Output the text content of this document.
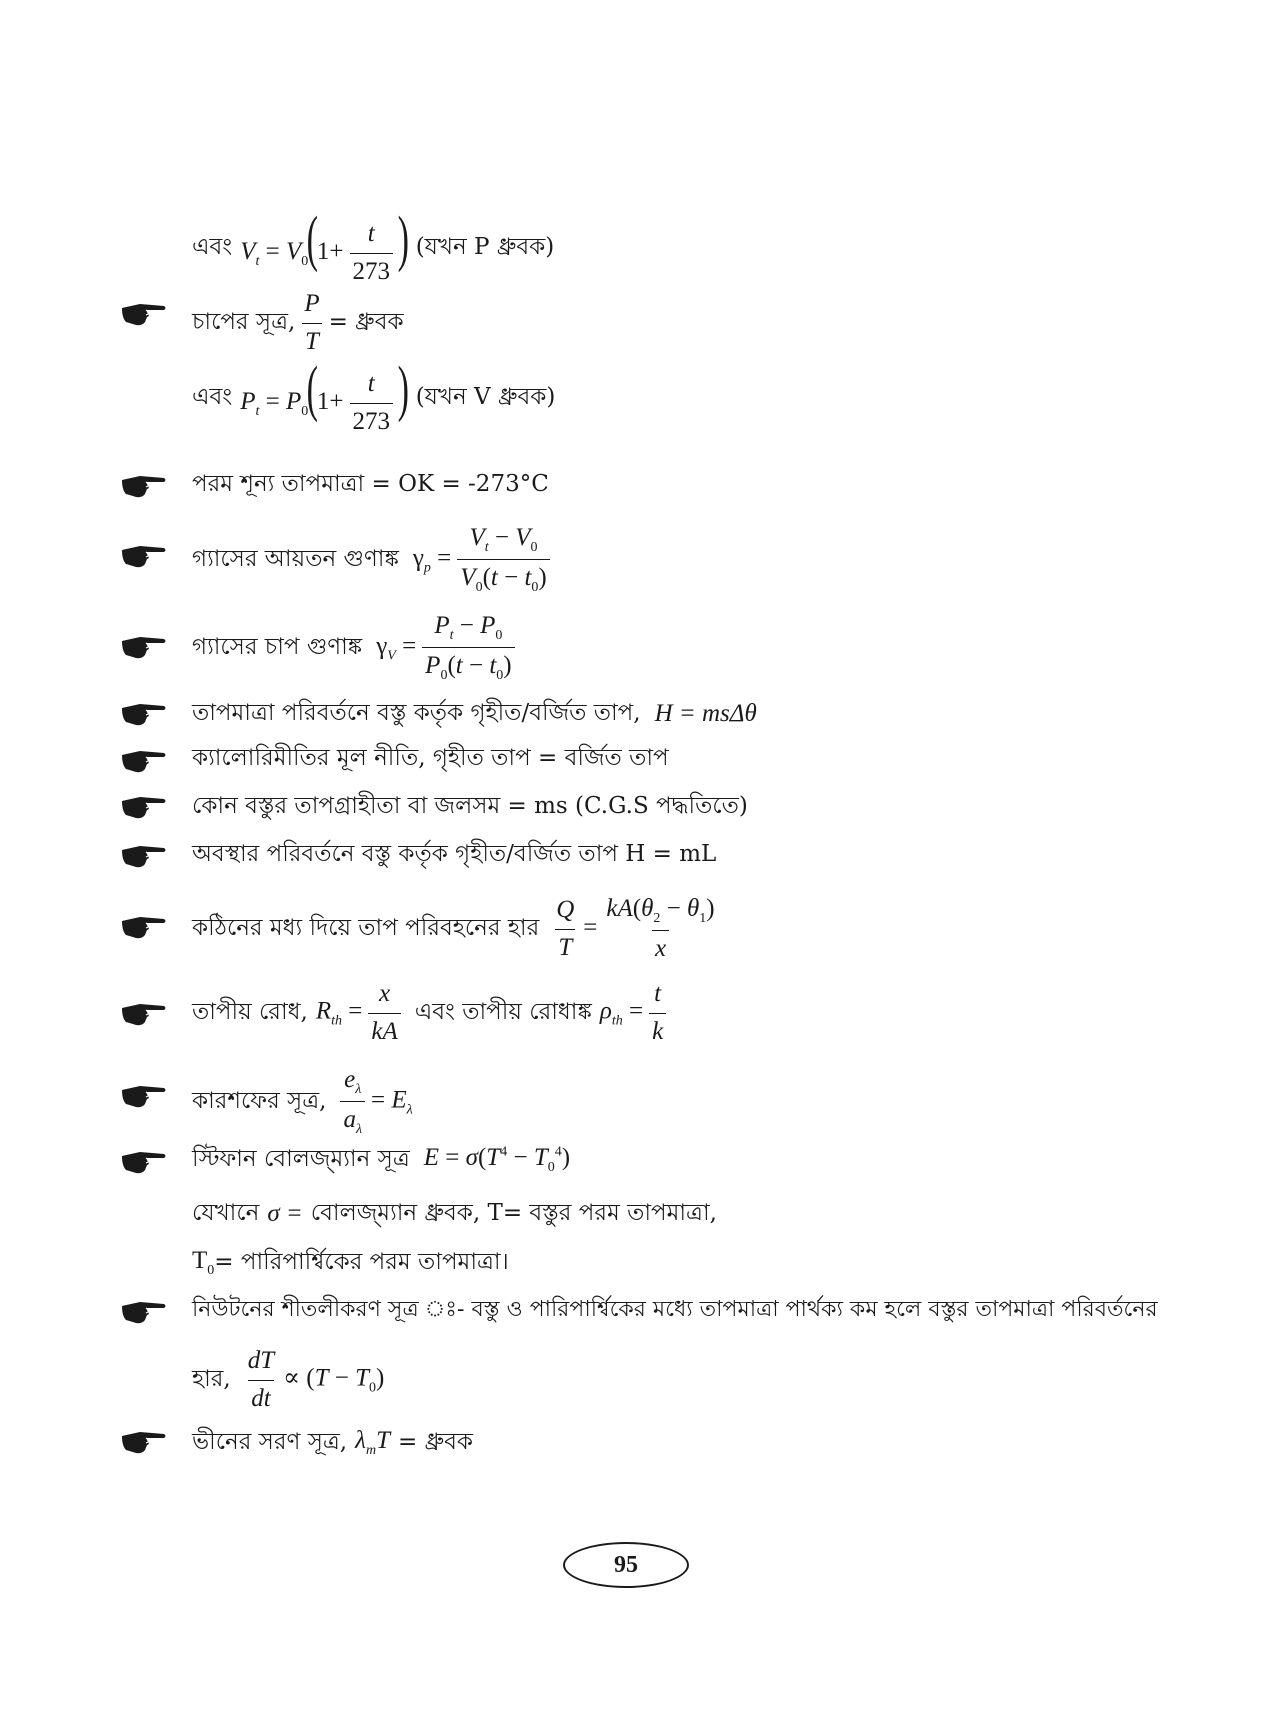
এবং $V_t = V_0(1+ \frac{t}{273}$ ) (যখন P ধ্রুবক)
চাপের সূত্র, $\frac{P}{T}$ = ধ্রুবক
এবং $P_t = P_0(1+ \frac{t}{273}$ ) (যখন V ধ্রুবক)
পরম শূন্য তাপমাত্রা = OK = -273°C
গ্যাসের আয়তন গুণাঙ্ক $\gamma_p = \frac{V_t - V_0}{V_0(t - t_0)}$
গ্যাসের চাপ গুণাঙ্ক $\gamma_V = \frac{P_t - P_0}{P_0(t - t_0)}$
তাপমাত্রা পরিবর্তনে বস্তু কর্তৃক গৃহীত/বর্জিত তাপ, H = msΔθ
ক্যালোরিমীতির মূল নীতি, গৃহীত তাপ = বর্জিত তাপ
কোন বস্তুর তাপগ্রাহীতা বা জলসম = ms (C.G.S পদ্ধতিতে)
অবস্থার পরিবর্তনে বস্তু কর্তৃক গৃহীত/বর্জিত তাপ H = mL
কঠিনের মধ্য দিয়ে তাপ পরিবহনের হার $\frac{Q}{T} = \frac{kA(\theta_2 - \theta_1)}{x}$
তাপীয় রোধ, $R_{th} = \frac{x}{kA}$ এবং তাপীয় রোধাঙ্ক $\rho_{th} = \frac{t}{k}$
কারশফের সূত্র, $\frac{e_\lambda}{a_\lambda} = E_\lambda$
স্টিফান বোলজ্ম্যান সূত্র $E = \sigma(T^4 - T_0^4)$
যেখানে σ = বোলজ্ম্যান ধ্রুবক, T= বস্তুর পরম তাপমাত্রা,
$T_0$ = পারিপার্শ্বিকের পরম তাপমাত্রা।
নিউটনের শীতলীকরণ সূত্র ঃ- বস্তু ও পারিপার্শ্বিকের মধ্যে তাপমাত্রা পার্থক্য কম হলে বস্তুর তাপমাত্রা পরিবর্তনের
হার, $\frac{dT}{dt} \propto (T - T_0)$
ভীনের সরণ সূত্র, $\lambda_mT$ = ধ্রুবক
95
